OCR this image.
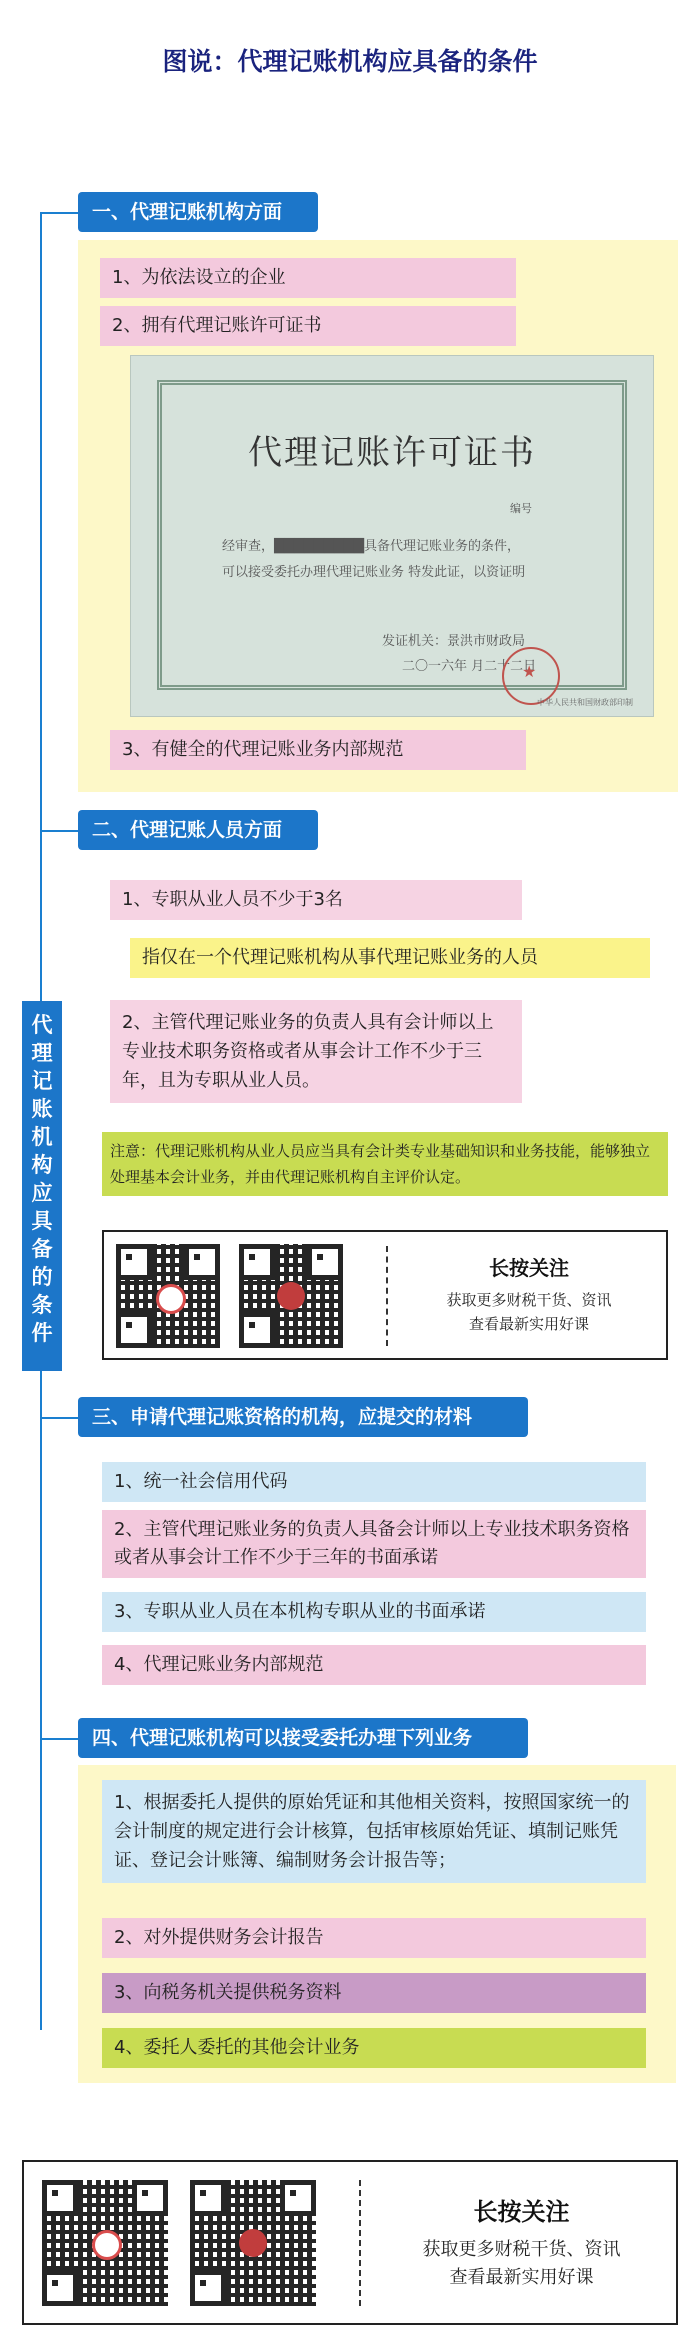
图说：代理记账机构应具备的条件
代
理
记
账
机
构
应
具
备
的
条
件
一、代理记账机构方面
1、为依法设立的企业
2、拥有代理记账许可证书
代理记账许可证书
编号
经审查，█████████具备代理记账业务的条件，
可以接受委托办理代理记账业务 特发此证，以资证明
发证机关：景洪市财政局
二〇一六年 月二十二日
★
中华人民共和国财政部印制
3、有健全的代理记账业务内部规范
二、代理记账人员方面
1、专职从业人员不少于3名
指仅在一个代理记账机构从事代理记账业务的人员
2、主管代理记账业务的负责人具有会计师以上专业技术职务资格或者从事会计工作不少于三年，且为专职从业人员。
注意：代理记账机构从业人员应当具有会计类专业基础知识和业务技能，能够独立处理基本会计业务，并由代理记账机构自主评价认定。
长按关注
获取更多财税干货、资讯
查看最新实用好课
三、申请代理记账资格的机构，应提交的材料
1、统一社会信用代码
2、主管代理记账业务的负责人具备会计师以上专业技术职务资格或者从事会计工作不少于三年的书面承诺
3、专职从业人员在本机构专职从业的书面承诺
4、代理记账业务内部规范
四、代理记账机构可以接受委托办理下列业务
1、根据委托人提供的原始凭证和其他相关资料，按照国家统一的会计制度的规定进行会计核算，包括审核原始凭证、填制记账凭证、登记会计账簿、编制财务会计报告等；
2、对外提供财务会计报告
3、向税务机关提供税务资料
4、委托人委托的其他会计业务
长按关注
获取更多财税干货、资讯
查看最新实用好课
